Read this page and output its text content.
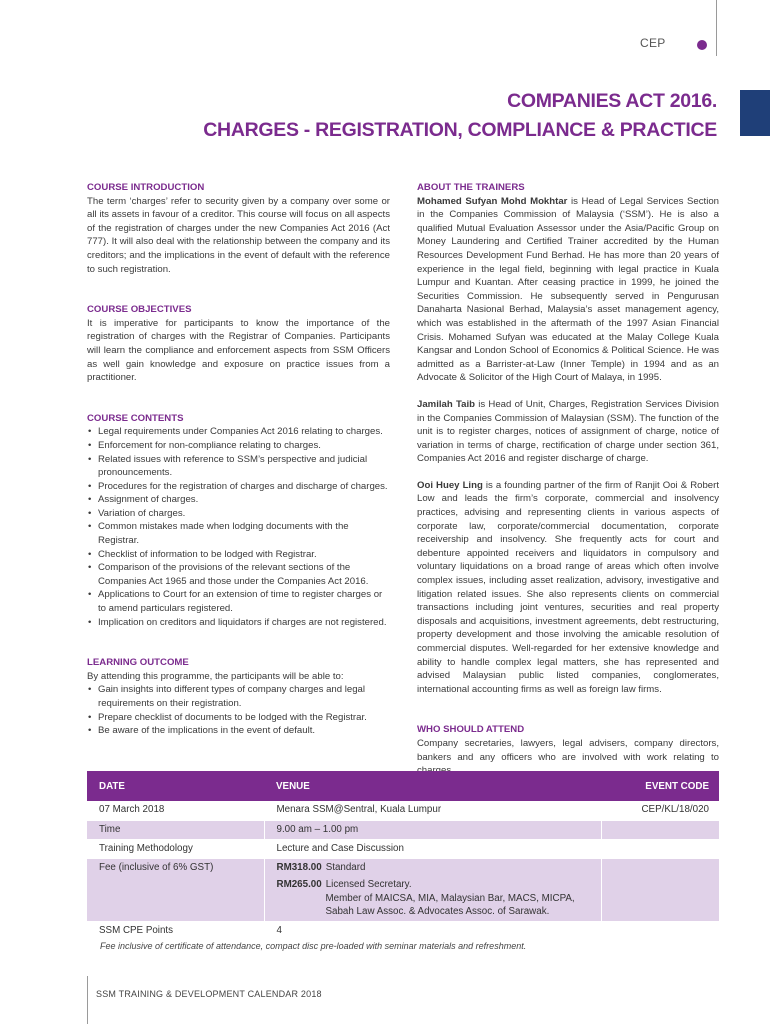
CEP
COMPANIES ACT 2016.
CHARGES - REGISTRATION, COMPLIANCE & PRACTICE
COURSE INTRODUCTION

The term ‘charges’ refer to security given by a company over some or all its assets in favour of a creditor. This course will focus on all aspects of the registration of charges under the new Companies Act 2016 (Act 777). It will also deal with the relationship between the company and its creditors; and the implications in the event of default with the reference to such registration.

COURSE OBJECTIVES

It is imperative for participants to know the importance of the registration of charges with the Registrar of Companies. Participants will learn the compliance and enforcement aspects from SSM Officers as well gain knowledge and exposure on practice issues from a practitioner.

COURSE CONTENTS
• Legal requirements under Companies Act 2016 relating to charges.
• Enforcement for non-compliance relating to charges.
• Related issues with reference to SSM’s perspective and judicial pronouncements.
• Procedures for the registration of charges and discharge of charges.
• Assignment of charges.
• Variation of charges.
• Common mistakes made when lodging documents with the Registrar.
• Checklist of information to be lodged with Registrar.
• Comparison of the provisions of the relevant sections of the Companies Act 1965 and those under the Companies Act 2016.
• Applications to Court for an extension of time to register charges or to amend particulars registered.
• Implication on creditors and liquidators if charges are not registered.
LEARNING OUTCOME

By attending this programme, the participants will be able to:

• Gain insights into different types of company charges and legal requirements on their registration.
• Prepare checklist of documents to be lodged with the Registrar.
• Be aware of the implications in the event of default.
ABOUT THE TRAINERS

Mohamed Sufyan Mohd Mokhtar is Head of Legal Services Section in the Companies Commission of Malaysia (‘SSM’). He is also a qualified Mutual Evaluation Assessor under the Asia/Pacific Group on Money Laundering and Certified Trainer accredited by the Human Resources Development Fund Berhad. He has more than 20 years of experience in the legal field, beginning with legal practice in Kuala Lumpur and Kuantan. After ceasing practice in 1999, he joined the Securities Commission. He subsequently served in Pengurusan Danaharta Nasional Berhad, Malaysia’s asset management agency, which was established in the aftermath of the 1997 Asian Financial Crisis. Mohamed Sufyan was educated at the Malay College Kuala Kangsar and London School of Economics & Political Science. He was admitted as a Barrister-at-Law (Inner Temple) in 1994 and as an Advocate & Solicitor of the High Court of Malaya, in 1995.

Jamilah Taib is Head of Unit, Charges, Registration Services Division in the Companies Commission of Malaysian (SSM). The function of the unit is to register charges, notices of assignment of charge, notice of variation in terms of charge, rectification of charge under section 361, Companies Act 2016 and register discharge of charge.

Ooi Huey Ling is a founding partner of the firm of Ranjit Ooi & Robert Low and leads the firm’s corporate, commercial and insolvency practices, advising and representing clients in various aspects of corporate law, corporate/commercial documentation, corporate receivership and insolvency. She frequently acts for court and debenture appointed receivers and liquidators in compulsory and voluntary liquidations on a broad range of areas which often involve complex issues, including asset realization, advisory, investigative and litigation related issues. She also represents clients on commercial transactions including joint ventures, securities and real property disposals and acquisitions, investment agreements, debt restructuring, property development and those involving the amicable resolution of commercial disputes. Well-regarded for her extensive knowledge and ability to handle complex legal matters, she has represented and advised Malaysian public listed companies, conglomerates, international accounting firms as well as foreign law firms.

WHO SHOULD ATTEND

Company secretaries, lawyers, legal advisers, company directors, bankers and any officers who are involved with work relating to

DATE	VENUE	EVENT CODE
07 March 2018	Menara SSM@Sentral, Kuala Lumpur	CEP/KL/18/020
Time	9.00 am – 1.00 pm	
Training Methodology	Lecture and Case Discussion	
Fee (inclusive of 6% GST)	RM318.00 Standard
RM265.00 Licensed Secretary.
Member of MAICSA, MIA, Malaysian Bar, MACS, MICPA,
Sabah Law Assoc. & Advocates Assoc. of Sarawak.	

SSM CPE Points	4	
Fee inclusive of certificate of attendance, compact disc pre-loaded with seminar materials and refreshment.
SSM TRAINING & DEVELOPMENT CALENDAR 2018
